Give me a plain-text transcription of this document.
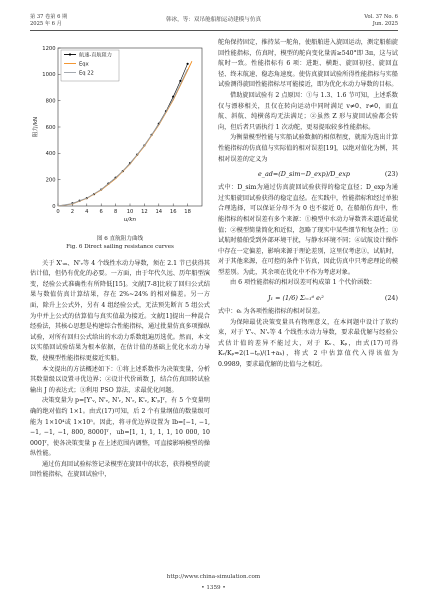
第 37 卷第 6 期
2025 年 6 月
韩冰，等：双吊舱船舶运动建模与仿真	Vol. 37 No. 6
Jun. 2025
0 2 4 6 8 10 12 14 16 18
0
200
400
600
800
1000
1200
u/kn
阻力/kN
航速-直航阻力
Eqx
Eq 22
图 6 直航阻力曲线
Fig. 6 Direct sailing resistance curves

关于 X'ᵤᵤ、N'ᵥ等 4 个线性水动力导数，须在 2.1 节已获得其估计值，但仍有优化的必要。一方面，由于年代久远、历年船型演变，经验公式准确性有所降低[15]。文献[7-8]比较了回归公式结果与数值仿真计算结果，存在 2%~24% 的相对偏差。另一方面，除升上公式外，另有 4 组经验公式，无法预先断言 5 组公式为中并上公式的估算值与真实值最为接近。文献[1]提出一种混合经验法，其核心思想是构建综合性能指标，通过批量仿真多项操纵试验，对所有回归公式给出的水动力系数组遍历选优。然而，本文以实船回试验结果为根本依据，在估计值的基础上优化水动力导数，使模型性能指标更接近实船。

本文提出的方法概述如下：①将上述系数作为决策变量，分析其数量级以设置寻优边界；②设计代价函数 J，结合仿真回转试验输出 J 的表达式；③利用 PSO 算法，求最优化问题。

决策变量为 p=[Y'ᵥ, N'ᵥ, N'ᵣ, N'ᵣ, K'ᵥ, K'ₚ]ᵀ，有 5 个变量明确的绝对值约 1×1。由式(17)可知，后 2 个有量纲值的数量级可能为 1×10⁴或 1×10⁵。因此，将寻优边界设置为 lb=[−1, −1, −1, −1, −1, 800, 8000]ᵀ，ub=[1, 1, 1, 1, 1, 10 000, 10 000]ᵀ，使各决策变量 p 在上述范围内调整，可直接影响模型的操纵性能。

通过仿真回试验标签记录模型在旋回中的状态，获得模型的旋回性能指标，在旋回试验中，

舵角保持固定，推持某一舵角，使船舶进入旋回运动，测定船舶旋回性能指标，仿真时，模型的舵向变化量需≥540°即 3π，这与试航时一致。性能指标有 6 项：进距、横距、旋回初径、旋回直径、终末航速、稳态角速度。使仿真旋回试验所得性能指标与实船试验测得旋回性能指标尽可能接近，即为优化水动力导数的目标。

借助旋回试验有 2 点原因：①与 1.3、1.6 节可知，上述系数仅与漂移相关，且仅在转向运动中同时满足 v≠0、r≠0，而直航、斜航、纯横荡均无法满足；②虽然 Z 形与旋回试验都会转向，但后者只需执行 1 次动舵，更易提取较多性能指标。

为衡量模型性能与实船试验数据的相似程度，就需为选出计算性能指标的仿真值与实际值的相对误差[19]，以绝对值化为例，其相对误差的定义为

e_ad=(D_sim−D_exp)/D_exp	(23)

式中：D_sim为通过仿真旋回试验获得的稳定直径；D_exp为通过实船旋回试验获得的稳定直径。在实践中，性能指标和经过单独合理选择，可以保证分母不为 0 也不接近 0，在船舶仿真中，性能指标的相对误差有多个来源：①模型中水动力导数普未逼近最优值；②模型简量简化和近似，忽略了现实中某些细节和复杂性；③试航时船舶受到外部环境干扰，与静水环境不同；④试航设计操作中存在一定偏差，影响来源于理论差别，这里仅考虑③，试航时，对于其他来源，在可控的条件下仿真，因此仿真中只考虑理论的模型差别。为此，其余项在优化中不作为考虑对象。

由 6 项性能指标的相对误差可构成第 1 个代价函数：

J₁ = (1/6) Σᵢ₌₁⁶ eᵢ²	(24)

式中：eᵢ 为各项性能指标的相对误差。

为保障最优决策变量具有物理意义，在本问题中设计了软约束，对于 Y'ᵥ、N'ᵥ等 4 个线性水动力导数，要求最优解与经验公式估计值的差异不能过大，对于 Kᵥ、Kₚ，由式(17)可得 Kᵥ/Kₚ≈2(1−tₚ)/(1+aₕ)，将式 2 中估算值代入得该值为 0.9989，要求最优解的比值与之相近。

http://www.china-simulation.com
• 1359 •
